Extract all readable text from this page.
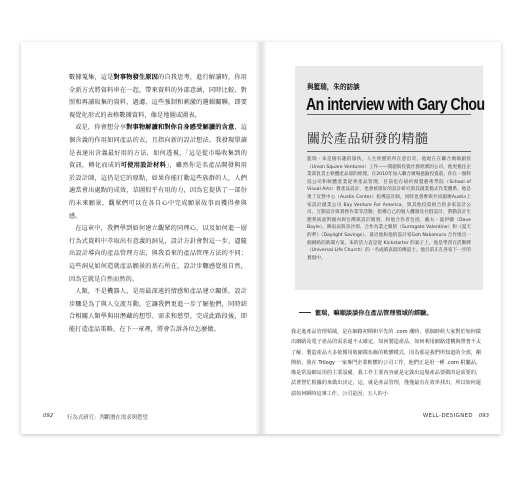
數據蒐集，這是對事物發生原因的自我思考，進行解讀時，你用全新方式將資料串在一起，帶來資料的外部意涵，同時比較、對照和再讀取集的資料，過濾、這些強制和刺激的邏輯關聯，即要視覺化形式的表格數據資料，像是地圖或圖表。

或是，你會想分享對事物解讀和對你自身感受解讀的含意，這個含義的作用如同產品的衣，且指向新的設計想法。我發現單讀是表達出含義最好用的方法，如何透視，「這是從市場收集到的資訊，轉化而成的可使用設計材料」，雖然你是名產品開發與用於設計師，這仍是它的原點，如果你能打動這些族群的人，人們適當會出處點的成效，草圖似乎有用的力，因為它提供了一部份的未來願景，觀眾們可以在各自心中完成願景故事而獲得參與感。

在這章中，我們學到如何建立觀眾的同理心，以及如何進一層行為式資料中萃取出有意義的洞見，設計方針會對這一步，逼隨出設計導向的產品管理方法，與我看來的產品管理方法的不同；這些洞見如何造就產品願景的基石所在，設計步驟感覺很自然，因為它就是自然而然的。

人類，不是機器人，是用最深遠的情感和產品建立關係，設計步驟是為了與人交流互動，它讓我們更進一步了解他們，同時結合相關人類學與用潛藏的想望、需求和慾望，完成此路段後，即能打造產品策略，在下一章裡，將會告訴各位怎麼做。

092	行為式研究：判斷潛在需求與慾望
與籃瑞，朱的訪談
An interview with Gary Chou
關於產品研發的精髓
籃瑞・朱是個有趣的傢伙，人生經歷的所在意出奇，他現在在聯合廣場創投（Union Square Ventures）工作——開創與投資社群經濟的公司，他更擔任企業部負責主軟體產品部的經理。在2010年加入聯合廣場風險投資前，你在一個科技公司和軟體產業從事產品管理，目前也在紐約視覺藝術學院（School of Visual Arts）教產品設計，也會被很好的設計研究與其創業模式作業體系，他是奧丁宣營中心（Austin Center）指導設計師，同時也會參與共同創辦Austin上家設計創業公司 Bay Venture For America，與其他投資組合的多家設計公司、互動設計與實務作業等活動，指導自己的個人機制及社群設計，帶動設計生態系統面對國內與台灣與設計開發。和他合作者包括，戴夫・波伊爾（Dave Boyle）、陳雨辰與奈沙瑞、合作為業之類的（Surrogate Valentine）和《夏天的夢》（Daylight Savings）。最近他和他的設計家Goh Nakamura 合作推出一個網路的新聞方案，朱的活力直是從 Kickstarter 的案子上，他是學習在活動牌（Universal Life Church）的一名成績表最的傳道士。他目前正在各家下一步的實現中。
籃瑞，嘛順談談你在產品管理領域的經驗。
我走進產品管理領域，是在網路初期和早先的 .com 潮時，那個時候大家對於如何做出網路及電子產品的需求還不太確定，如何製造產品，如何利用網路建構與帶著不太了解，製造產品大多依循用收縮隊伍級的軟體模式，因為那是我們所知道的全部，剛開始，我在 Trilogy 一家專門企業軟體的公司工作，他們正是用一種 .com 附屬品，像是常設網站用的主業設備，我工作主要內容就是定義出這場產品要做的是需要的，試著智忙根據的來做出決定，這，就是產品管理，僅僅最有在效率找出，所以如何還請如何瞬時這專工作。公司是因，五人的小
WELL-DESIGNED 093
